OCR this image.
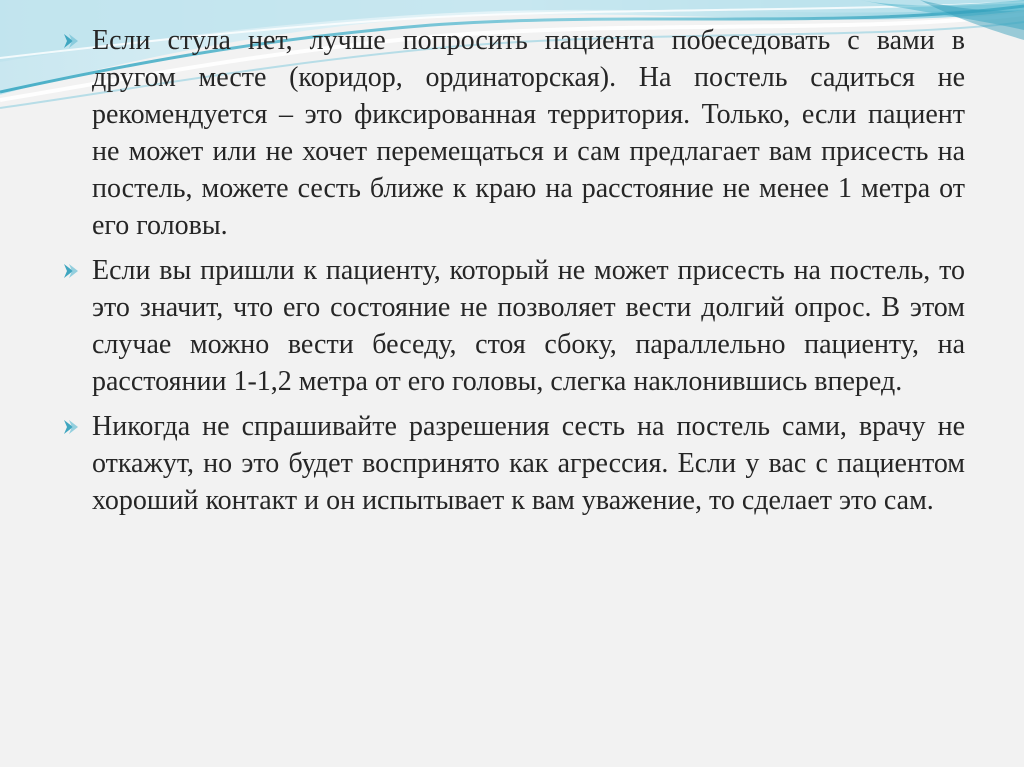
Если стула нет, лучше попросить пациента побеседовать с вами в другом месте (коридор, ординаторская). На постель садиться не рекомендуется – это фиксированная территория. Только, если пациент не может или не хочет перемещаться и сам предлагает вам присесть на постель, можете сесть ближе к краю на расстояние не менее 1 метра от его головы.

Если вы пришли к пациенту, который не может присесть на постель, то это значит, что его состояние не позволяет вести долгий опрос. В этом случае можно вести беседу, стоя сбоку, параллельно пациенту, на расстоянии 1-1,2 метра от его головы, слегка наклонившись вперед.

Никогда не спрашивайте разрешения сесть на постель сами, врачу не откажут, но это будет воспринято как агрессия. Если у вас с пациентом хороший контакт и он испытывает к вам уважение, то сделает это сам.
